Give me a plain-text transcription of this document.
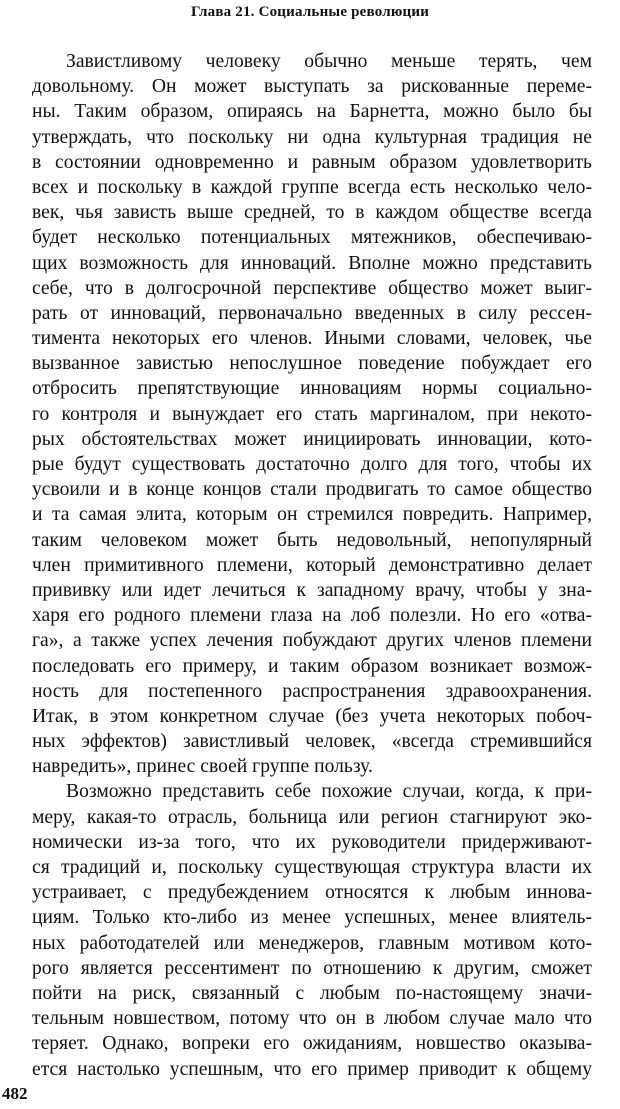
Глава 21. Социальные революции
Завистливому человеку обычно меньше терять, чем
довольному. Он может выступать за рискованные переме-
ны. Таким образом, опираясь на Барнетта, можно было бы
утверждать, что поскольку ни одна культурная традиция не
в состоянии одновременно и равным образом удовлетворить
всех и поскольку в каждой группе всегда есть несколько чело-
век, чья зависть выше средней, то в каждом обществе всегда
будет несколько потенциальных мятежников, обеспечиваю-
щих возможность для инноваций. Вполне можно представить
себе, что в долгосрочной перспективе общество может выиг-
рать от инноваций, первоначально введенных в силу рессен-
тимента некоторых его членов. Иными словами, человек, чье
вызванное завистью непослушное поведение побуждает его
отбросить препятствующие инновациям нормы социально-
го контроля и вынуждает его стать маргиналом, при некото-
рых обстоятельствах может инициировать инновации, кото-
рые будут существовать достаточно долго для того, чтобы их
усвоили и в конце концов стали продвигать то самое общество
и та самая элита, которым он стремился повредить. Например,
таким человеком может быть недовольный, непопулярный
член примитивного племени, который демонстративно делает
прививку или идет лечиться к западному врачу, чтобы у зна-
харя его родного племени глаза на лоб полезли. Но его «отва-
га», а также успех лечения побуждают других членов племени
последовать его примеру, и таким образом возникает возмож-
ность для постепенного распространения здравоохранения.
Итак, в этом конкретном случае (без учета некоторых побоч-
ных эффектов) завистливый человек, «всегда стремившийся
навредить», принес своей группе пользу.
Возможно представить себе похожие случаи, когда, к при-
меру, какая-то отрасль, больница или регион стагнируют эко-
номически из-за того, что их руководители придерживают-
ся традиций и, поскольку существующая структура власти их
устраивает, с предубеждением относятся к любым иннова-
циям. Только кто-либо из менее успешных, менее влиятель-
ных работодателей или менеджеров, главным мотивом кото-
рого является рессентимент по отношению к другим, сможет
пойти на риск, связанный с любым по-настоящему значи-
тельным новшеством, потому что он в любом случае мало что
теряет. Однако, вопреки его ожиданиям, новшество оказыва-
ется настолько успешным, что его пример приводит к общему
482
